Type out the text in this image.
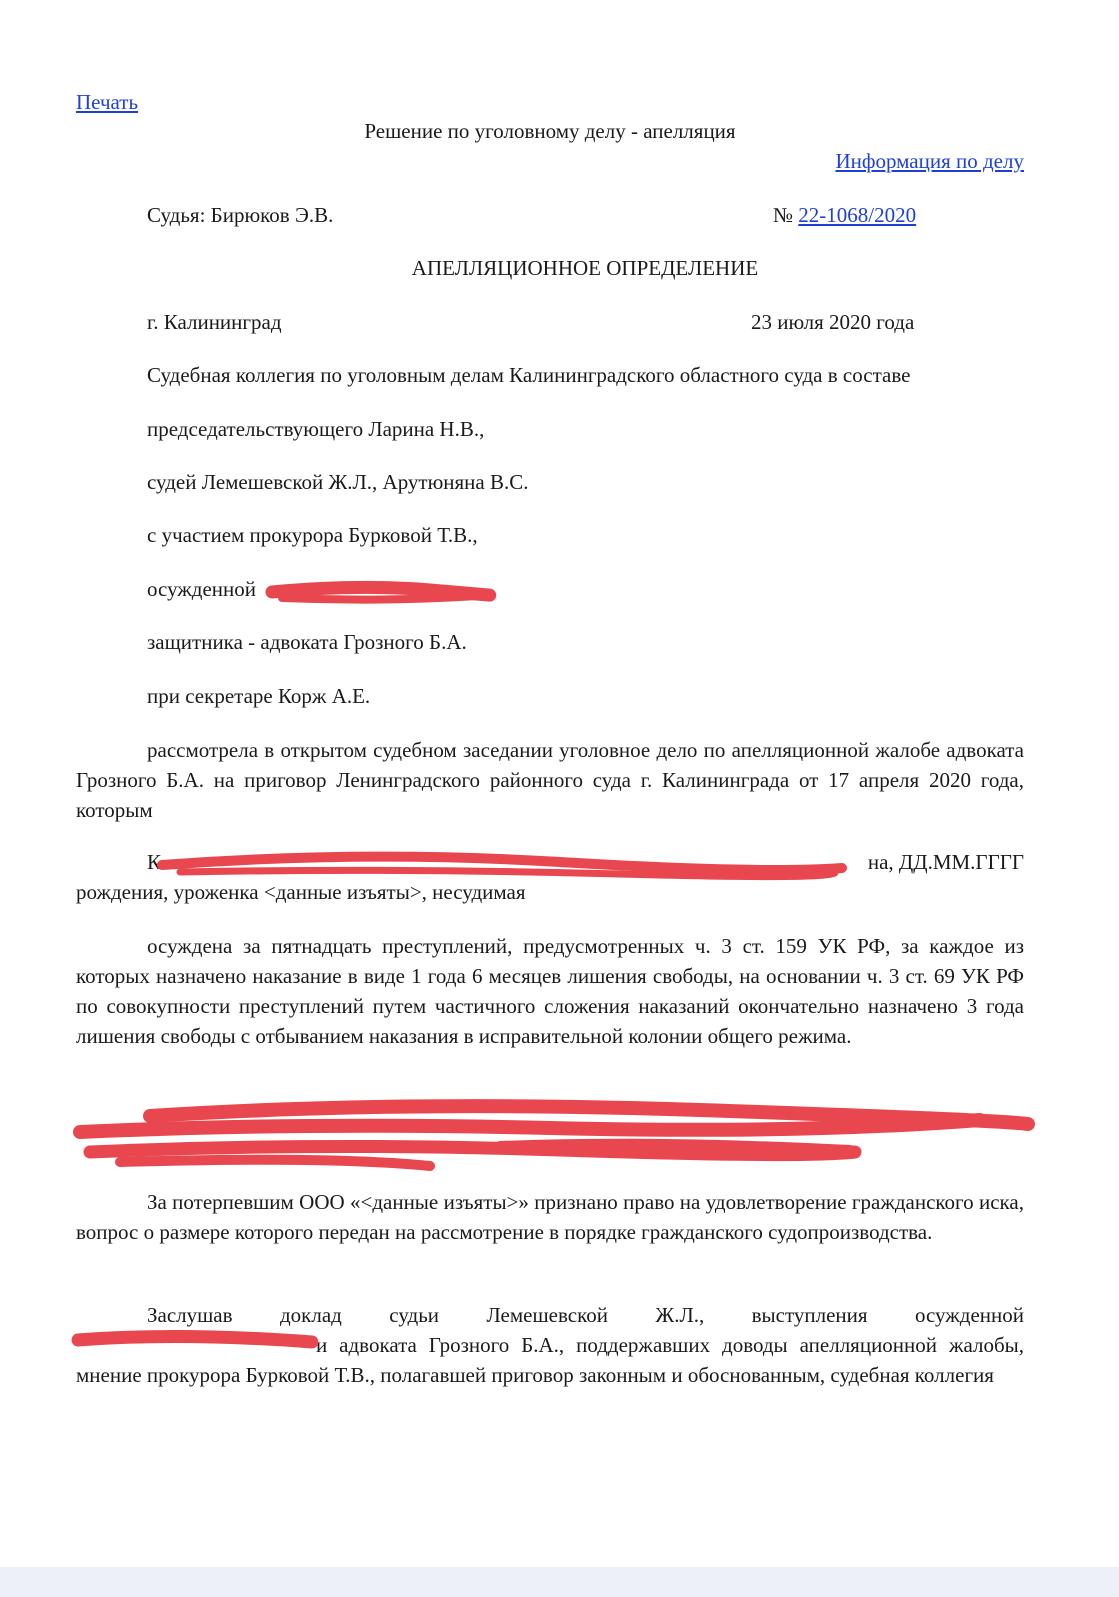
Печать
Решение по уголовному делу - апелляция
Информация по делу
Судья: Бирюков Э.В.	№ 22-1068/2020
АПЕЛЛЯЦИОННОЕ ОПРЕДЕЛЕНИЕ
г. Калининград	23 июля 2020 года
Судебная коллегия по уголовным делам Калининградского областного суда в составе
председательствующего Ларина Н.В.,
судей Лемешевской Ж.Л., Арутюняна В.С.
с участием прокурора Бурковой Т.В.,
осужденной	,
защитника - адвоката Грозного Б.А.
при секретаре Корж А.Е.
рассмотрела в открытом судебном заседании уголовное дело по апелляционной жалобе адвоката Грозного Б.А. на приговор Ленинградского районного суда г. Калининграда от 17 апреля 2020 года, которым
К	на, ДД.ММ.ГГГГ
рождения, уроженка <данные изъяты>, несудимая
осуждена за пятнадцать преступлений, предусмотренных ч. 3 ст. 159 УК РФ, за каждое из которых назначено наказание в виде 1 года 6 месяцев лишения свободы, на основании ч. 3 ст. 69 УК РФ по совокупности преступлений путем частичного сложения наказаний окончательно назначено 3 года лишения свободы с отбыванием наказания в исправительной колонии общего режима.
.
За потерпевшим ООО «<данные изъяты>» признано право на удовлетворение гражданского иска, вопрос о размере которого передан на рассмотрение в порядке гражданского судопроизводства.
Заслушав доклад судьи Лемешевской Ж.Л., выступления осужденной
и адвоката Грозного Б.А., поддержавших доводы апелляционной жалобы, мнение прокурора Бурковой Т.В., полагавшей приговор законным и обоснованным, судебная коллегия
